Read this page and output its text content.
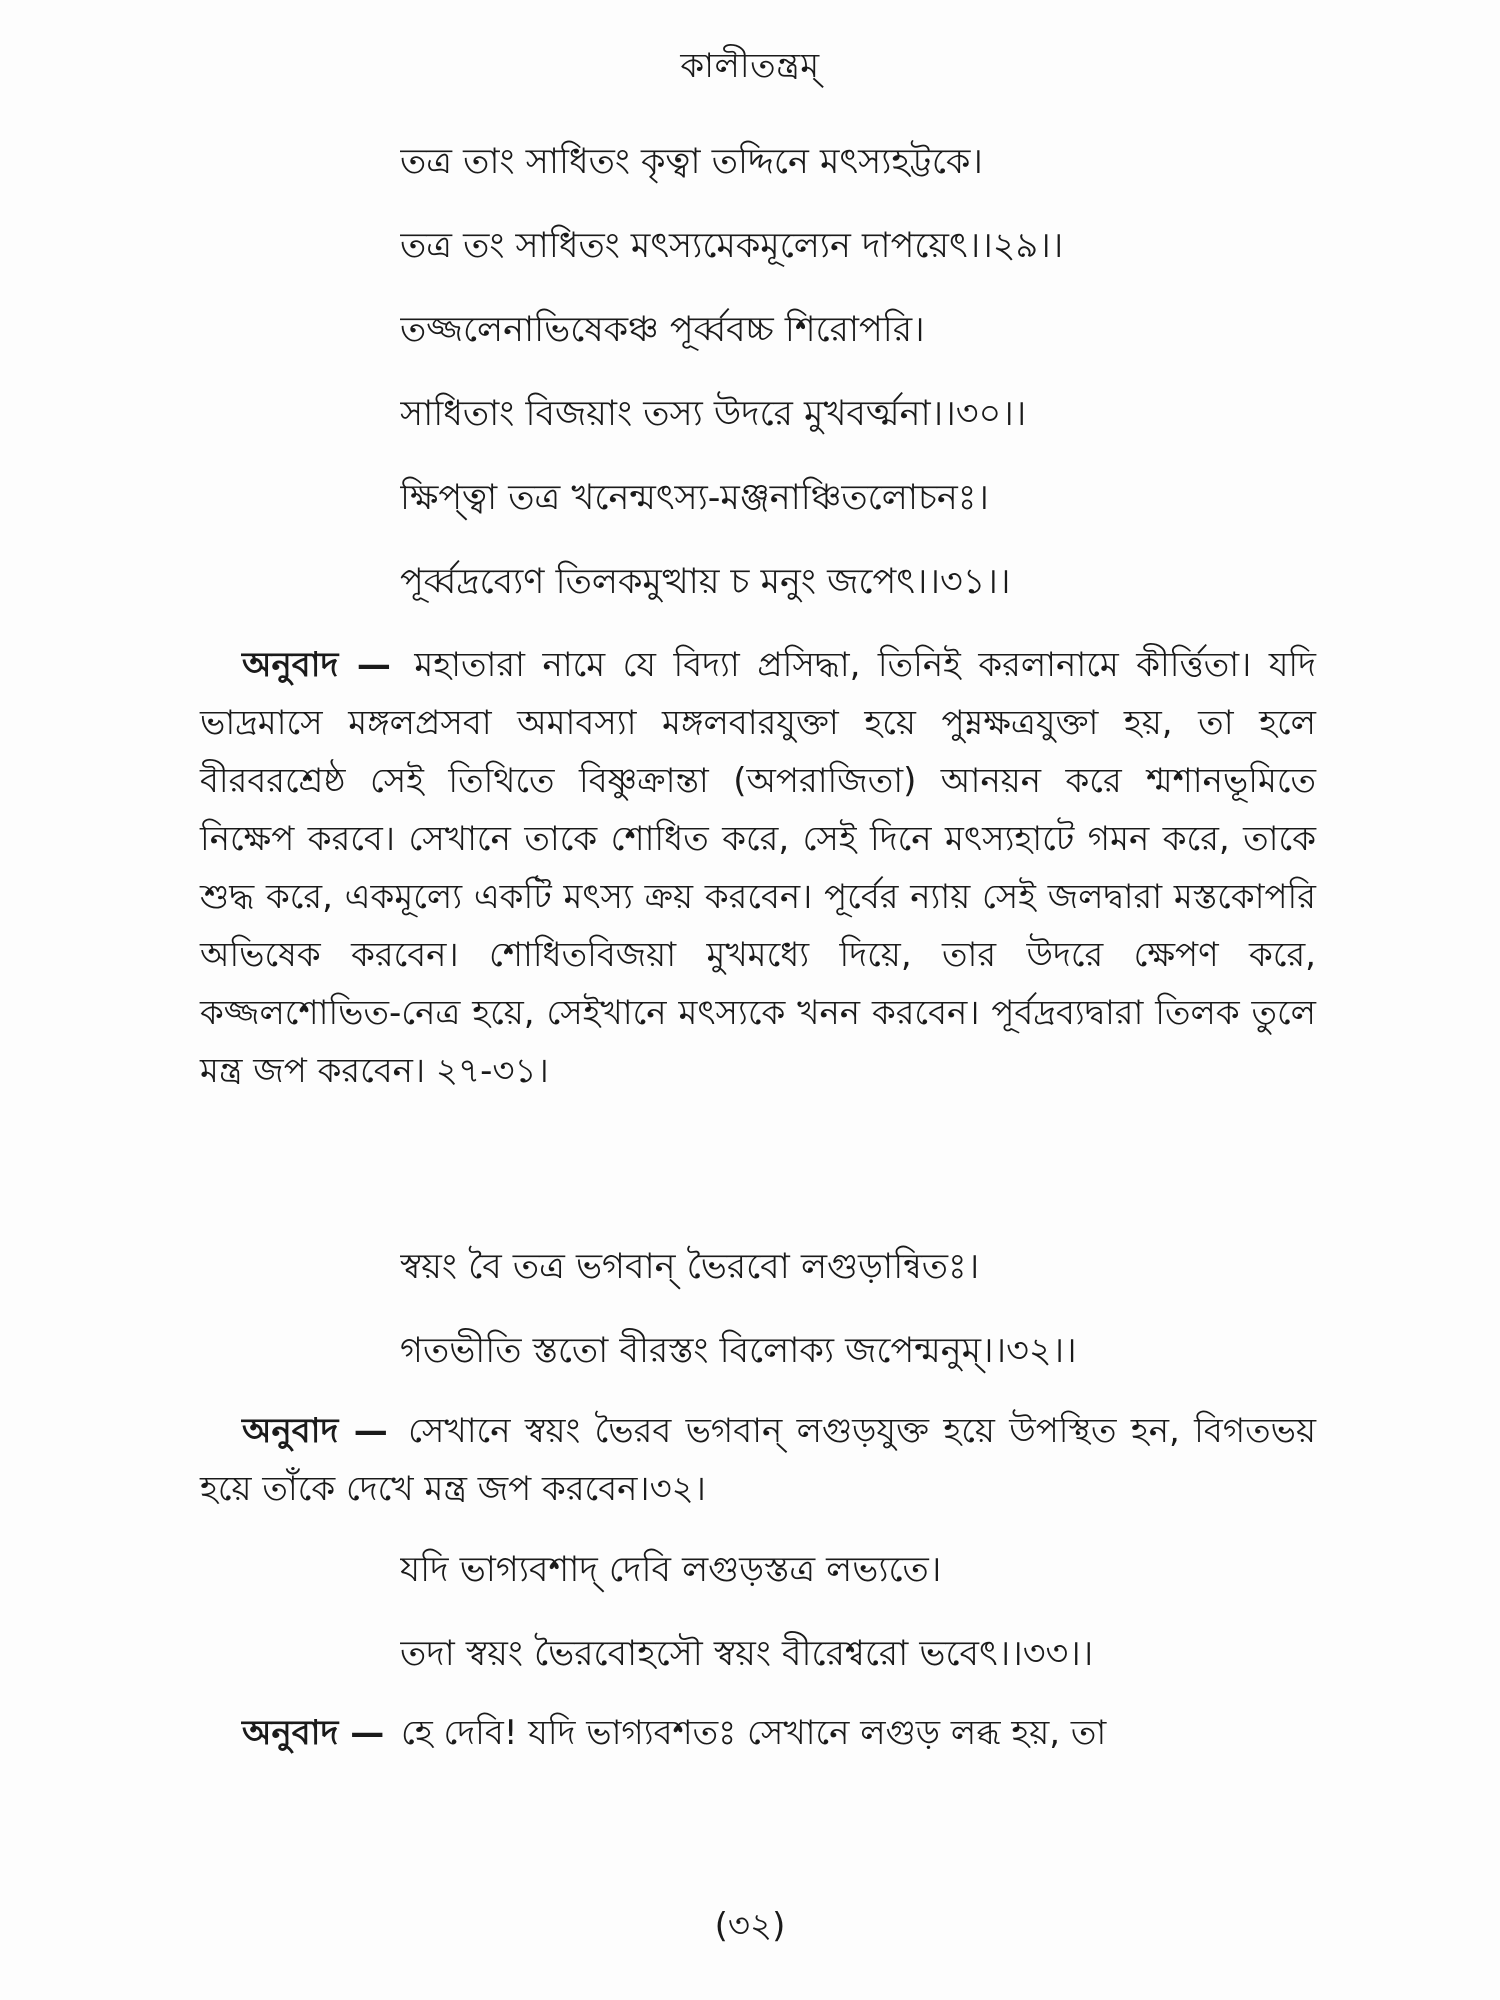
কালীতন্ত্রম্
তত্র তাং সাধিতং কৃত্বা তদ্দিনে মৎস্যহট্টকে।
তত্র তং সাধিতং মৎস্যমেকমূল্যেন দাপয়েৎ।।২৯।।
তজ্জলেনাভিষেকঞ্চ পূর্ব্ববচ্চ শিরোপরি।
সাধিতাং বিজয়াং তস্য উদরে মুখবর্ত্মনা।।৩০।।
ক্ষিপ্‌ত্বা তত্র খনেন্মৎস্য-মঞ্জনাঞ্চিতলোচনঃ।
পূর্ব্বদ্রব্যেণ তিলকমুত্থায় চ মনুং জপেৎ।।৩১।।
অনুবাদ — মহাতারা নামে যে বিদ্যা প্রসিদ্ধা, তিনিই করলানামে কীর্ত্তিতা। যদি ভাদ্রমাসে মঙ্গলপ্রসবা অমাবস্যা মঙ্গলবারযুক্তা হয়ে পুম্নক্ষত্রযুক্তা হয়, তা হলে বীরবরশ্রেষ্ঠ সেই তিথিতে বিষ্ণুক্রান্তা (অপরাজিতা) আনয়ন করে শ্মশানভূমিতে নিক্ষেপ করবে। সেখানে তাকে শোধিত করে, সেই দিনে মৎস্যহাটে গমন করে, তাকে শুদ্ধ করে, একমূল্যে একটি মৎস্য ক্রয় করবেন। পূর্বের ন্যায় সেই জলদ্বারা মস্তকোপরি অভিষেক করবেন। শোধিতবিজয়া মুখমধ্যে দিয়ে, তার উদরে ক্ষেপণ করে, কজ্জলশোভিত-নেত্র হয়ে, সেইখানে মৎস্যকে খনন করবেন। পূর্বদ্রব্যদ্বারা তিলক তুলে মন্ত্র জপ করবেন। ২৭-৩১।
স্বয়ং বৈ তত্র ভগবান্ ভৈরবো লগুড়ান্বিতঃ।
গতভীতি স্ততো বীরস্তং বিলোক্য জপেন্মনুম্।।৩২।।
অনুবাদ — সেখানে স্বয়ং ভৈরব ভগবান্ লগুড়যুক্ত হয়ে উপস্থিত হন, বিগতভয় হয়ে তাঁকে দেখে মন্ত্র জপ করবেন।৩২।
যদি ভাগ্যবশাদ্ দেবি লগুড়স্তত্র লভ্যতে।
তদা স্বয়ং ভৈরবোহসৌ স্বয়ং বীরেশ্বরো ভবেৎ।।৩৩।।
অনুবাদ — হে দেবি! যদি ভাগ্যবশতঃ সেখানে লগুড় লব্ধ হয়, তা
(৩২)
